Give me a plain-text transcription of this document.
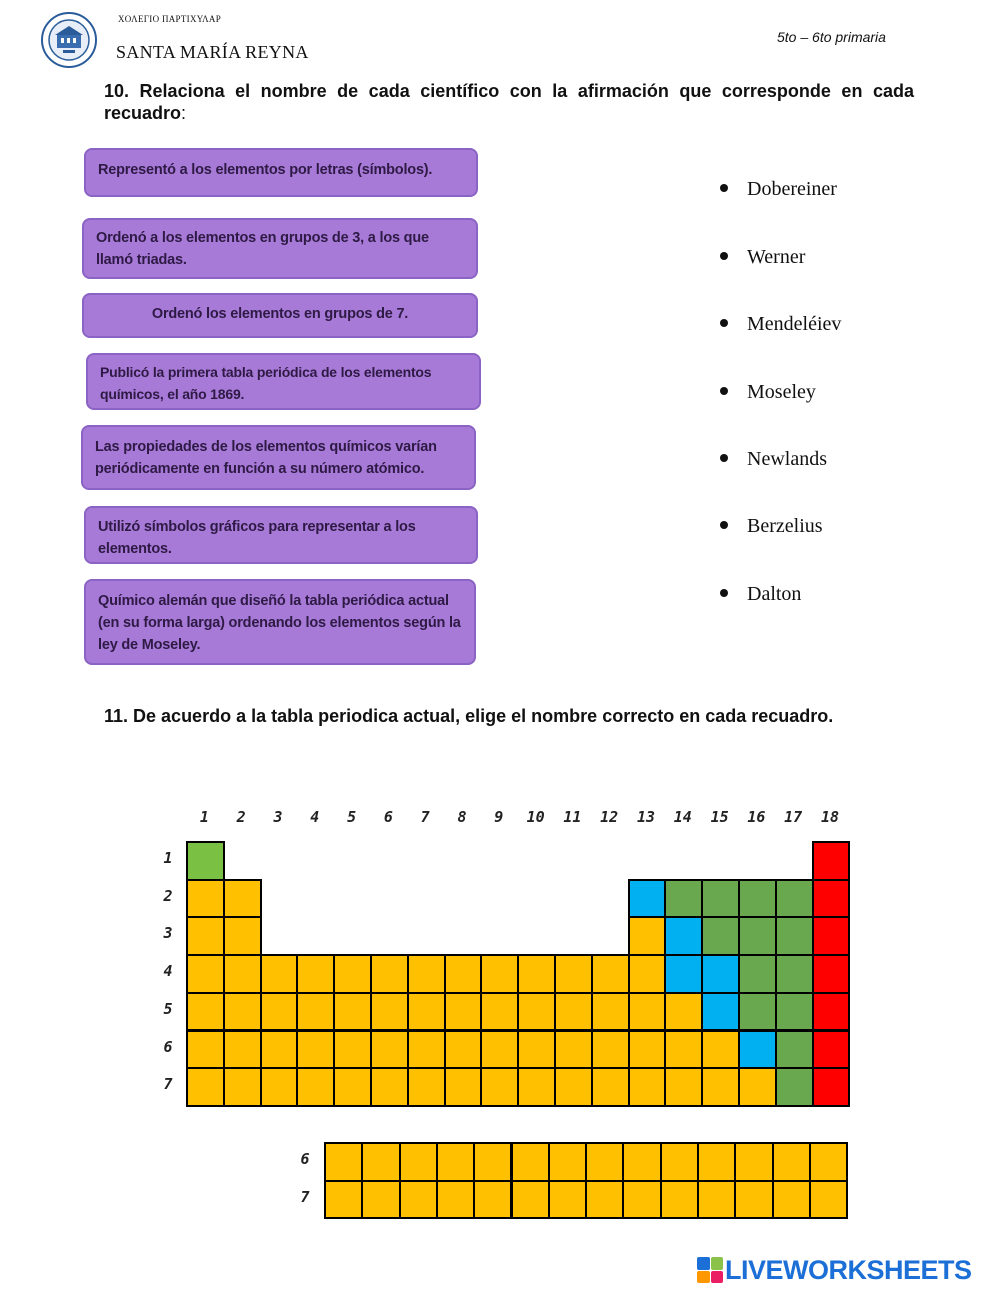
ΧΟΛΕΓΙΟ ΠΑΡΤΙΧΥΛΑΡ
SANTA MARÍA REYNA
5to – 6to primaria
10. Relaciona el nombre de cada científico con la afirmación que corresponde en cada recuadro:
Representó a los elementos por letras (símbolos).
Ordenó a los elementos en grupos de 3, a los que llamó triadas.
Ordenó los elementos en grupos de 7.
Publicó la primera tabla periódica de los elementos químicos, el año 1869.
Las propiedades de los elementos químicos varían periódicamente en función a su número atómico.
Utilizó símbolos gráficos para representar a los elementos.
Químico alemán que diseñó la tabla periódica actual (en su forma larga) ordenando los elementos según la ley de Moseley.
Dobereiner
Werner
Mendeléiev
Moseley
Newlands
Berzelius
Dalton
11. De acuerdo a la tabla periodica actual, elige el nombre correcto en cada recuadro.
1	2	3	4	5	6	7	8	9	10	11	12	13	14	15	16	17	18
1
2
3
4
5
6
7
6
7
LIVEWORKSHEETS
